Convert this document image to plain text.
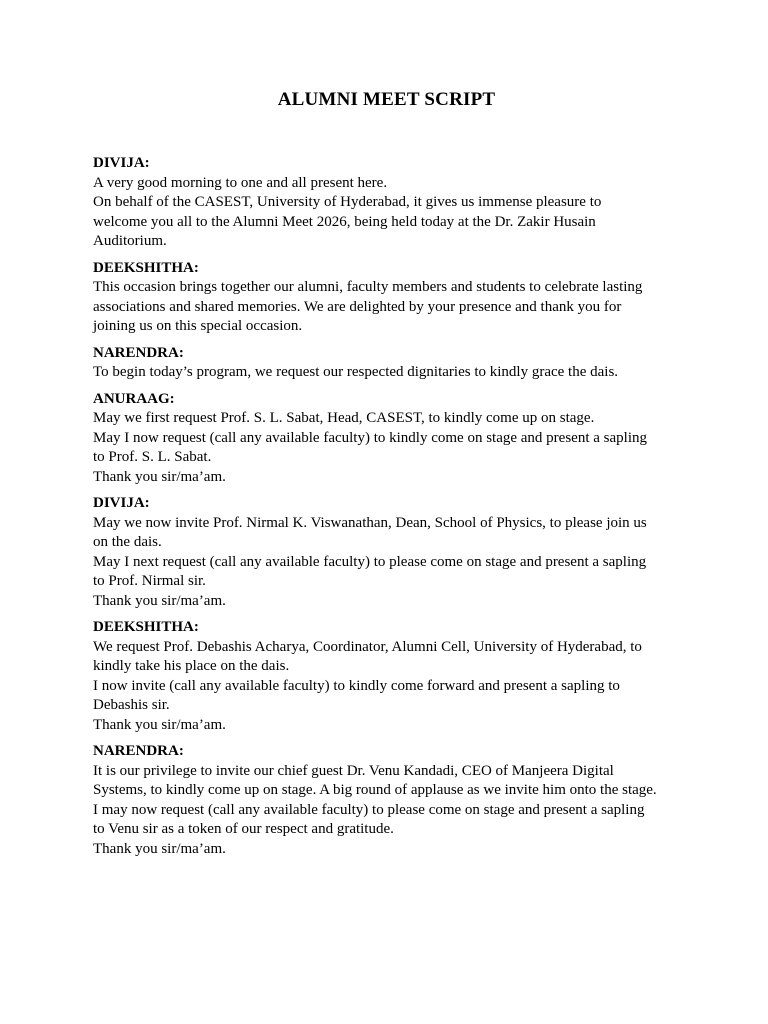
ALUMNI MEET SCRIPT
DIVIJA:
A very good morning to one and all present here.
On behalf of the CASEST, University of Hyderabad, it gives us immense pleasure to
welcome you all to the Alumni Meet 2026, being held today at the Dr. Zakir Husain
Auditorium.
DEEKSHITHA:
This occasion brings together our alumni, faculty members and students to celebrate lasting
associations and shared memories. We are delighted by your presence and thank you for
joining us on this special occasion.
NARENDRA:
To begin today’s program, we request our respected dignitaries to kindly grace the dais.
ANURAAG:
May we first request Prof. S. L. Sabat, Head, CASEST, to kindly come up on stage.
May I now request (call any available faculty) to kindly come on stage and present a sapling
to Prof. S. L. Sabat.
Thank you sir/ma’am.
DIVIJA:
May we now invite Prof. Nirmal K. Viswanathan, Dean, School of Physics, to please join us
on the dais.
May I next request (call any available faculty) to please come on stage and present a sapling
to Prof. Nirmal sir.
Thank you sir/ma’am.
DEEKSHITHA:
We request Prof. Debashis Acharya, Coordinator, Alumni Cell, University of Hyderabad, to
kindly take his place on the dais.
I now invite (call any available faculty) to kindly come forward and present a sapling to
Debashis sir.
Thank you sir/ma’am.
NARENDRA:
It is our privilege to invite our chief guest Dr. Venu Kandadi, CEO of Manjeera Digital
Systems, to kindly come up on stage. A big round of applause as we invite him onto the stage.
I may now request (call any available faculty) to please come on stage and present a sapling
to Venu sir as a token of our respect and gratitude.
Thank you sir/ma’am.
